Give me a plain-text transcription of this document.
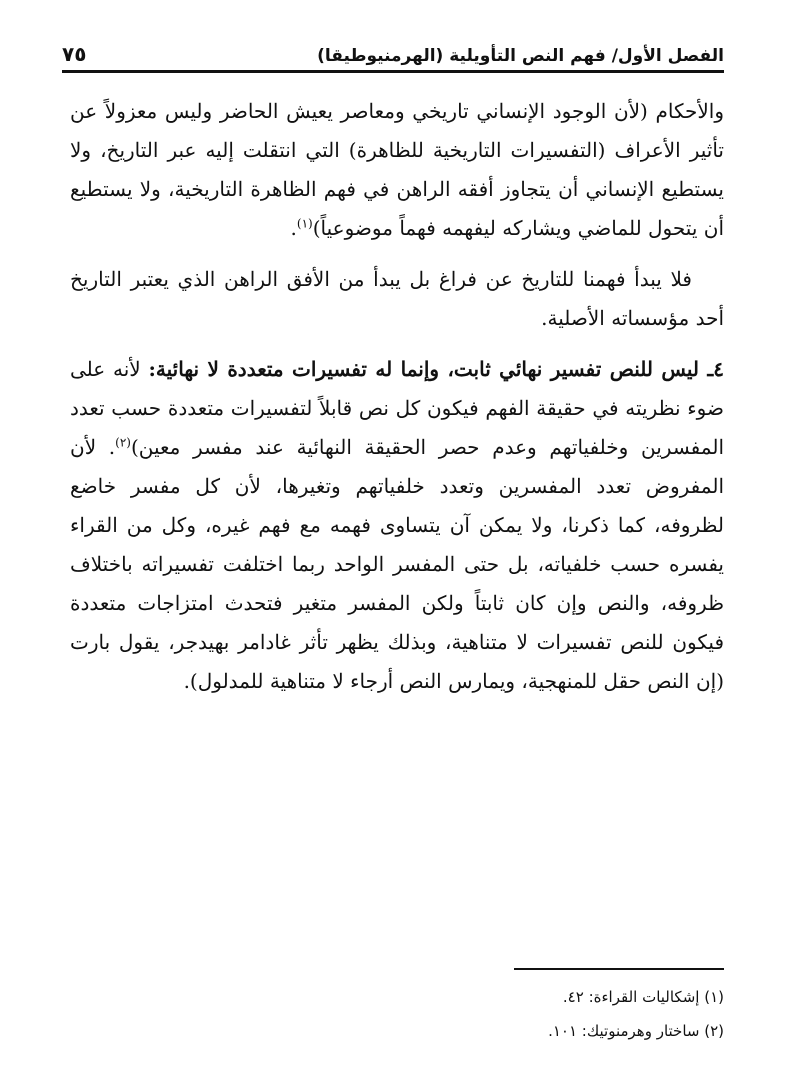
الفصل الأول/ فهم النص التأويلية (الهرمنيوطيقا)
٧٥

والأحكام (لأن الوجود الإنساني تاريخي ومعاصر يعيش الحاضر وليس معزولاً عن تأثير الأعراف (التفسيرات التاريخية للظاهرة) التي انتقلت إليه عبر التاريخ، ولا يستطيع الإنساني أن يتجاوز أفقه الراهن في فهم الظاهرة التاريخية، ولا يستطيع أن يتحول للماضي ويشاركه ليفهمه فهماً موضوعياً)$^{(١)}$.

فلا يبدأ فهمنا للتاريخ عن فراغ بل يبدأ من الأفق الراهن الذي يعتبر التاريخ أحد مؤسساته الأصلية.

٤ـ ليس للنص تفسير نهائي ثابت، وإنما له تفسيرات متعددة لا نهائية: لأنه على ضوء نظريته في حقيقة الفهم فيكون كل نص قابلاً لتفسيرات متعددة حسب تعدد المفسرين وخلفياتهم وعدم حصر الحقيقة النهائية عند مفسر معين)$^{(٢)}$. لأن المفروض تعدد المفسرين وتعدد خلفياتهم وتغيرها، لأن كل مفسر خاضع لظروفه، كما ذكرنا، ولا يمكن آن يتساوى فهمه مع فهم غيره، وكل من القراء يفسره حسب خلفياته، بل حتى المفسر الواحد ربما اختلفت تفسيراته باختلاف ظروفه، والنص وإن كان ثابتاً ولكن المفسر متغير فتحدث امتزاجات متعددة فيكون للنص تفسيرات لا متناهية، وبذلك يظهر تأثر غادامر بهيدجر، يقول بارت (إن النص حقل للمنهجية، ويمارس النص أرجاء لا متناهية للمدلول).

(١) إشكاليات القراءة: ٤٢.
(٢) ساختار وهرمنوتيك: ١٠١.
